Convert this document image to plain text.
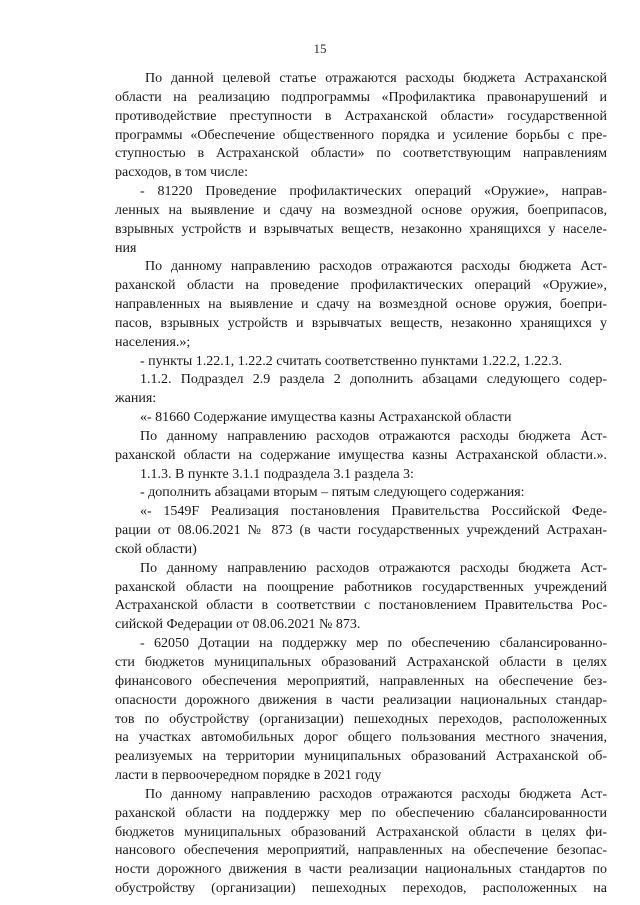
15
По данной целевой статье отражаются расходы бюджета Астраханской
области на реализацию подпрограммы «Профилактика правонарушений и
противодействие преступности в Астраханской области» государственной
программы «Обеспечение общественного порядка и усиление борьбы с пре-
ступностью в Астраханской области» по соответствующим направлениям
расходов, в том числе:
- 81220 Проведение профилактических операций «Оружие», направ-
ленных на выявление и сдачу на возмездной основе оружия, боеприпасов,
взрывных устройств и взрывчатых веществ, незаконно хранящихся у населе-
ния
По данному направлению расходов отражаются расходы бюджета Аст-
раханской области на проведение профилактических операций «Оружие»,
направленных на выявление и сдачу на возмездной основе оружия, боепри-
пасов, взрывных устройств и взрывчатых веществ, незаконно хранящихся у
населения.»;
- пункты 1.22.1, 1.22.2 считать соответственно пунктами 1.22.2, 1.22.3.
1.1.2. Подраздел 2.9 раздела 2 дополнить абзацами следующего содер-
жания:
«- 81660 Содержание имущества казны Астраханской области
По данному направлению расходов отражаются расходы бюджета Аст-
раханской области на содержание имущества казны Астраханской области.».
1.1.3. В пункте 3.1.1 подраздела 3.1 раздела 3:
- дополнить абзацами вторым – пятым следующего содержания:
«- 1549F Реализация постановления Правительства Российской Феде-
рации от 08.06.2021 № 873 (в части государственных учреждений Астрахан-
ской области)
По данному направлению расходов отражаются расходы бюджета Аст-
раханской области на поощрение работников государственных учреждений
Астраханской области в соответствии с постановлением Правительства Рос-
сийской Федерации от 08.06.2021 № 873.
- 62050 Дотации на поддержку мер по обеспечению сбалансированно-
сти бюджетов муниципальных образований Астраханской области в целях
финансового обеспечения мероприятий, направленных на обеспечение без-
опасности дорожного движения в части реализации национальных стандар-
тов по обустройству (организации) пешеходных переходов, расположенных
на участках автомобильных дорог общего пользования местного значения,
реализуемых на территории муниципальных образований Астраханской об-
ласти в первоочередном порядке в 2021 году
По данному направлению расходов отражаются расходы бюджета Аст-
раханской области на поддержку мер по обеспечению сбалансированности
бюджетов муниципальных образований Астраханской области в целях фи-
нансового обеспечения мероприятий, направленных на обеспечение безопас-
ности дорожного движения в части реализации национальных стандартов по
обустройству (организации) пешеходных переходов, расположенных на
